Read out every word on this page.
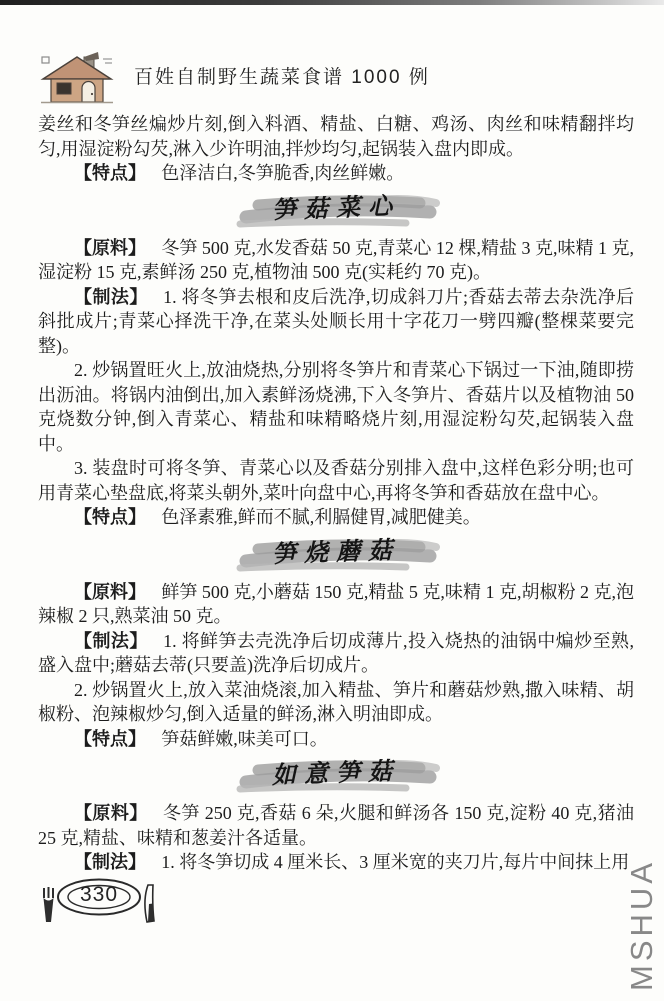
百姓自制野生蔬菜食谱 1000 例

姜丝和冬笋丝煸炒片刻,倒入料酒、精盐、白糖、鸡汤、肉丝和味精翻拌均匀,用湿淀粉勾芡,淋入少许明油,拌炒均匀,起锅装入盘内即成。

【特点】 色泽洁白,冬笋脆香,肉丝鲜嫩。

笋菇菜心

【原料】 冬笋 500 克,水发香菇 50 克,青菜心 12 棵,精盐 3 克,味精 1 克,湿淀粉 15 克,素鲜汤 250 克,植物油 500 克(实耗约 70 克)。

【制法】 1. 将冬笋去根和皮后洗净,切成斜刀片;香菇去蒂去杂洗净后斜批成片;青菜心择洗干净,在菜头处顺长用十字花刀一劈四瓣(整棵菜要完整)。

2. 炒锅置旺火上,放油烧热,分别将冬笋片和青菜心下锅过一下油,随即捞出沥油。将锅内油倒出,加入素鲜汤烧沸,下入冬笋片、香菇片以及植物油 50 克烧数分钟,倒入青菜心、精盐和味精略烧片刻,用湿淀粉勾芡,起锅装入盘中。

3. 装盘时可将冬笋、青菜心以及香菇分别排入盘中,这样色彩分明;也可用青菜心垫盘底,将菜头朝外,菜叶向盘中心,再将冬笋和香菇放在盘中心。

【特点】 色泽素雅,鲜而不腻,利膈健胃,减肥健美。

笋烧蘑菇

【原料】 鲜笋 500 克,小蘑菇 150 克,精盐 5 克,味精 1 克,胡椒粉 2 克,泡辣椒 2 只,熟菜油 50 克。

【制法】 1. 将鲜笋去壳洗净后切成薄片,投入烧热的油锅中煸炒至熟,盛入盘中;蘑菇去蒂(只要盖)洗净后切成片。

2. 炒锅置火上,放入菜油烧滚,加入精盐、笋片和蘑菇炒熟,撒入味精、胡椒粉、泡辣椒炒匀,倒入适量的鲜汤,淋入明油即成。

【特点】 笋菇鲜嫩,味美可口。

如意笋菇

【原料】 冬笋 250 克,香菇 6 朵,火腿和鲜汤各 150 克,淀粉 40 克,猪油 25 克,精盐、味精和葱姜汁各适量。

【制法】 1. 将冬笋切成 4 厘米长、3 厘米宽的夹刀片,每片中间抹上用

330	MSHUA
